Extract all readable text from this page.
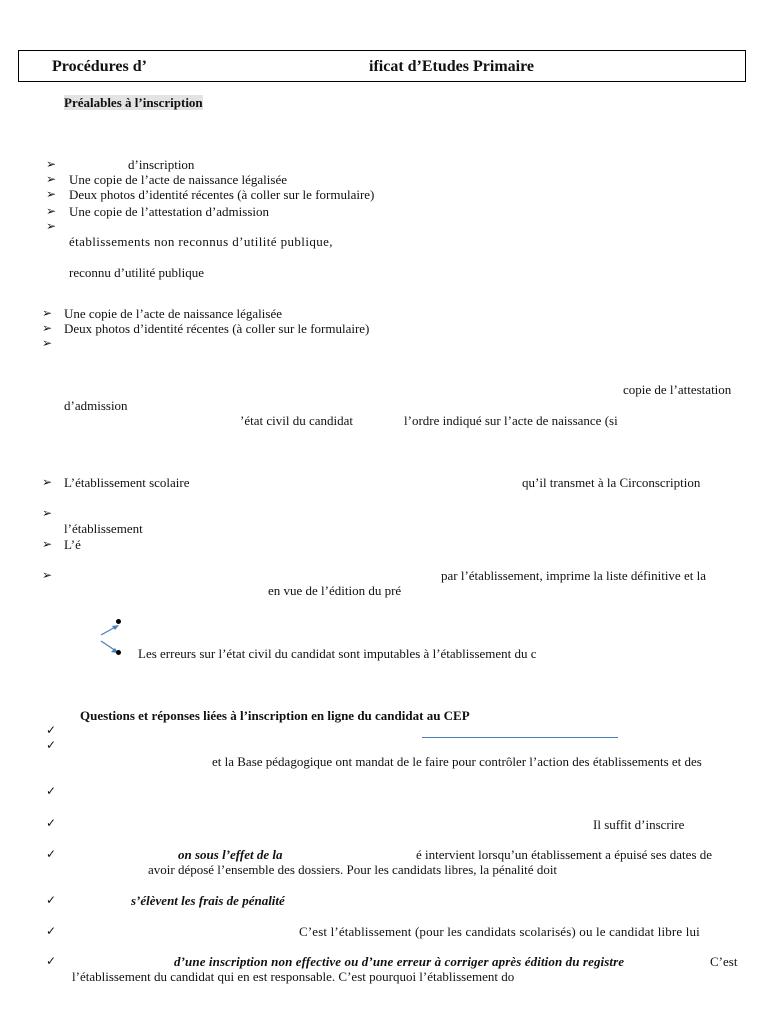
Procédures d’	ificat d’Etudes Primaire
Préalables à l’inscription
➢	d’inscription
➢ Une copie de l’acte de naissance légalisée
➢ Deux photos d’identité récentes (à coller sur le formulaire)
➢ Une copie de l’attestation d’admission
➢
établissements non reconnus d’utilité publique,
reconnu d’utilité publique
➢ Une copie de l’acte de naissance légalisée
➢ Deux photos d’identité récentes (à coller sur le formulaire)
➢
copie de l’attestation
d’admission
’état civil du candidat	l’ordre indiqué sur l’acte de naissance (si
➢ L’établissement scolaire	qu’il transmet à la Circonscription
➢
l’établissement
➢ L’é
➢	par l’établissement, imprime la liste définitive et la
en vue de l’édition du pré
Les erreurs sur l’état civil du candidat sont imputables à l’établissement du c
Questions et réponses liées à l’inscription en ligne du candidat au CEP
✓
✓
et la Base pédagogique ont mandat de le faire pour contrôler l’action des établissements et des
✓
✓	Il suffit d’inscrire
✓	on sous l’effet de la	é intervient lorsqu’un établissement a épuisé ses dates de
avoir déposé l’ensemble des dossiers. Pour les candidats libres, la pénalité doit
✓	s’élèvent les frais de pénalité
✓	C’est l’établissement (pour les candidats scolarisés) ou le candidat libre lui
✓	d’une inscription non effective ou d’une erreur à corriger après édition du registre	C’est
l’établissement du candidat qui en est responsable. C’est pourquoi l’établissement do
